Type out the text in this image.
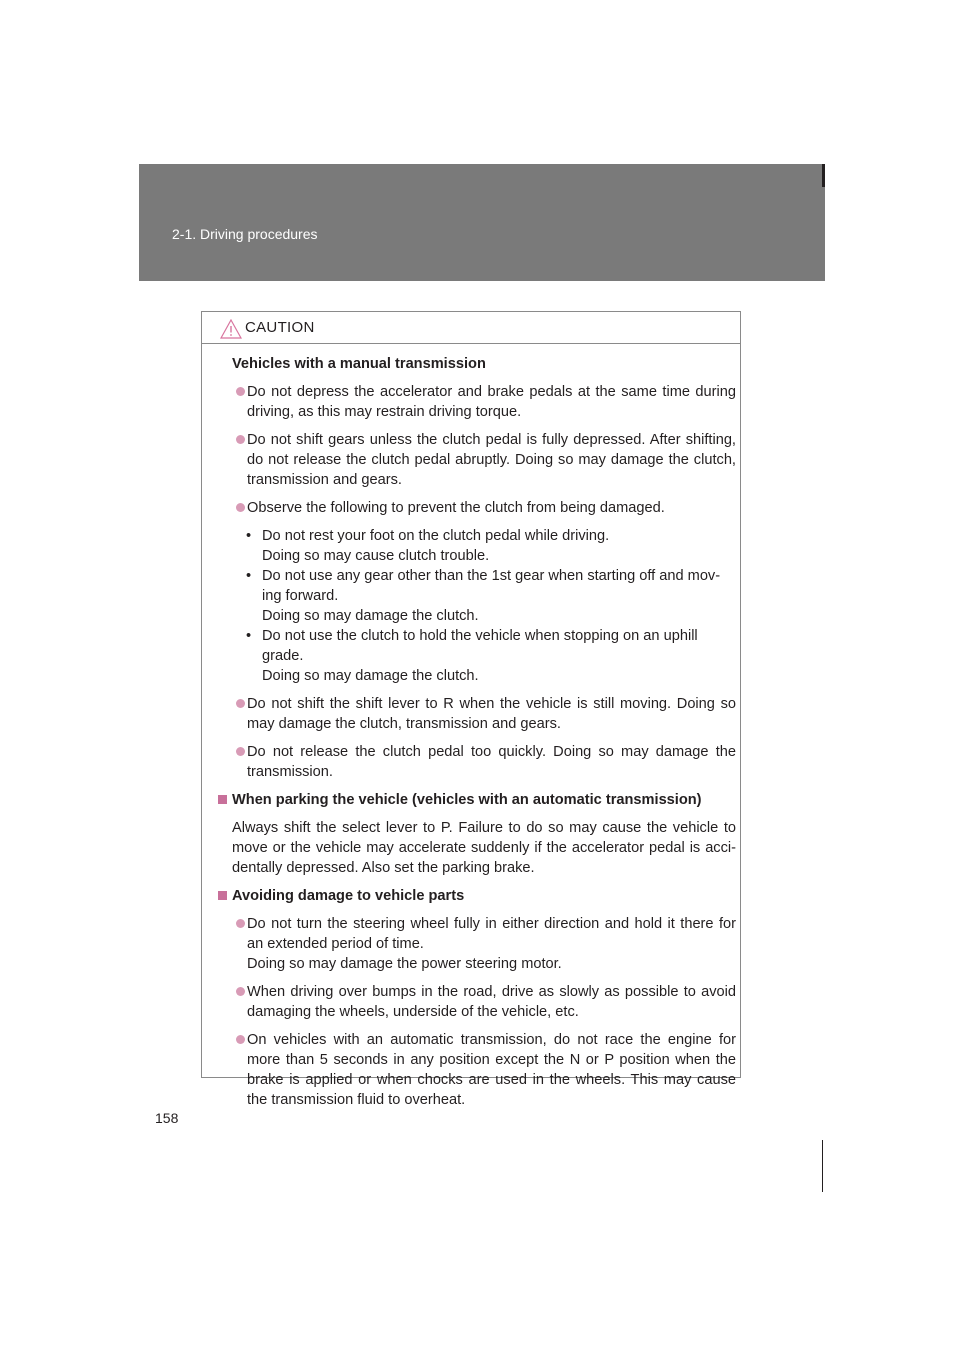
2-1. Driving procedures
CAUTION

Vehicles with a manual transmission

Do not depress the accelerator and brake pedals at the same time during driving, as this may restrain driving torque.

Do not shift gears unless the clutch pedal is fully depressed. After shifting, do not release the clutch pedal abruptly. Doing so may damage the clutch, transmission and gears.

Observe the following to prevent the clutch from being damaged.

• Do not rest your foot on the clutch pedal while driving.
Doing so may cause clutch trouble.
• Do not use any gear other than the 1st gear when starting off and mov-ing forward.
Doing so may damage the clutch.
• Do not use the clutch to hold the vehicle when stopping on an uphill grade.
Doing so may damage the clutch.

Do not shift the shift lever to R when the vehicle is still moving. Doing so may damage the clutch, transmission and gears.

Do not release the clutch pedal too quickly. Doing so may damage the transmission.

When parking the vehicle (vehicles with an automatic transmission)

Always shift the select lever to P. Failure to do so may cause the vehicle to move or the vehicle may accelerate suddenly if the accelerator pedal is acci-dentally depressed. Also set the parking brake.

Avoiding damage to vehicle parts

Do not turn the steering wheel fully in either direction and hold it there for an extended period of time.
Doing so may damage the power steering motor.

When driving over bumps in the road, drive as slowly as possible to avoid damaging the wheels, underside of the vehicle, etc.

On vehicles with an automatic transmission, do not race the engine for more than 5 seconds in any position except the N or P position when the brake is applied or when chocks are used in the wheels. This may cause the transmission fluid to overheat.

158
